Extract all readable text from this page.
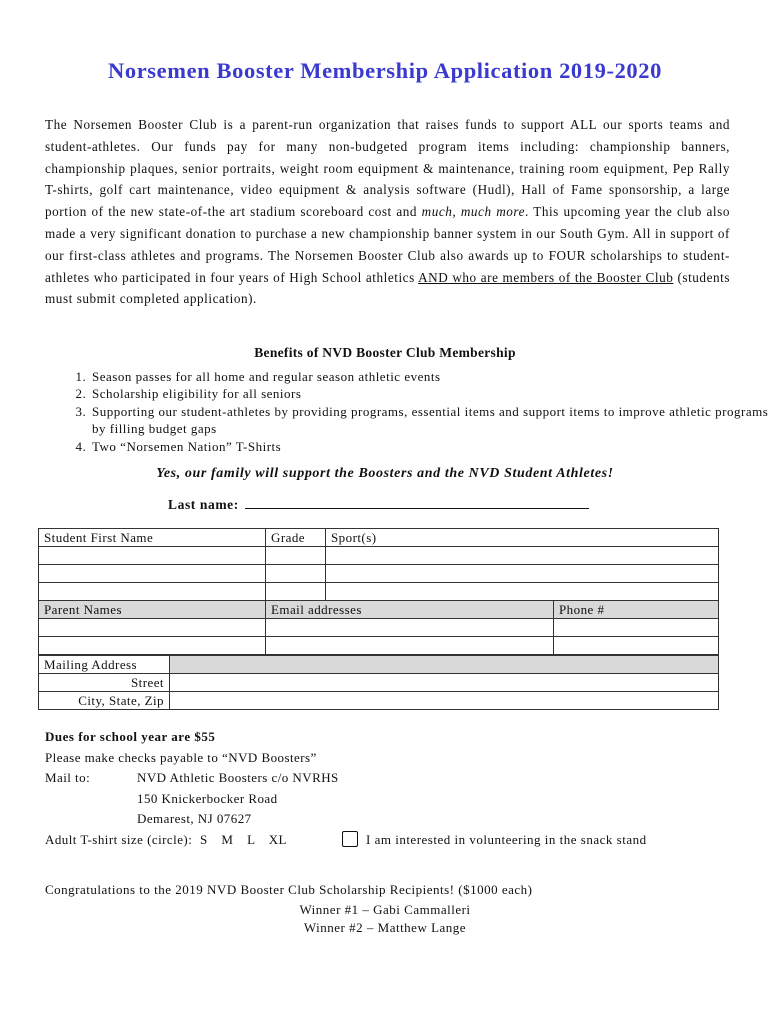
Norsemen Booster Membership Application 2019-2020
The Norsemen Booster Club is a parent-run organization that raises funds to support ALL our sports teams and student-athletes. Our funds pay for many non-budgeted program items including: championship banners, championship plaques, senior portraits, weight room equipment & maintenance, training room equipment, Pep Rally T-shirts, golf cart maintenance, video equipment & analysis software (Hudl), Hall of Fame sponsorship, a large portion of the new state-of-the art stadium scoreboard cost and much, much more. This upcoming year the club also made a very significant donation to purchase a new championship banner system in our South Gym. All in support of our first-class athletes and programs. The Norsemen Booster Club also awards up to FOUR scholarships to student-athletes who participated in four years of High School athletics AND who are members of the Booster Club (students must submit completed application).
Benefits of NVD Booster Club Membership
1. Season passes for all home and regular season athletic events
2. Scholarship eligibility for all seniors
3. Supporting our student-athletes by providing programs, essential items and support items to improve athletic programs by filling budget gaps
4. Two “Norsemen Nation” T-Shirts
Yes, our family will support the Boosters and the NVD Student Athletes!
Last name:
Student First Name	Grade	Sport(s)	

Parent Names	Email addresses		Phone #

Mailing Address	
Street	
City, State, Zip	
Dues for school year are $55
Please make checks payable to “NVD Boosters”
Mail to:	NVD Athletic Boosters c/o NVRHS
150 Knickerbocker Road
Demarest, NJ 07627
Adult T-shirt size (circle): S M L XL	I am interested in volunteering in the snack stand
Congratulations to the 2019 NVD Booster Club Scholarship Recipients! ($1000 each)
Winner #1 – Gabi Cammalleri
Winner #2 – Matthew Lange
